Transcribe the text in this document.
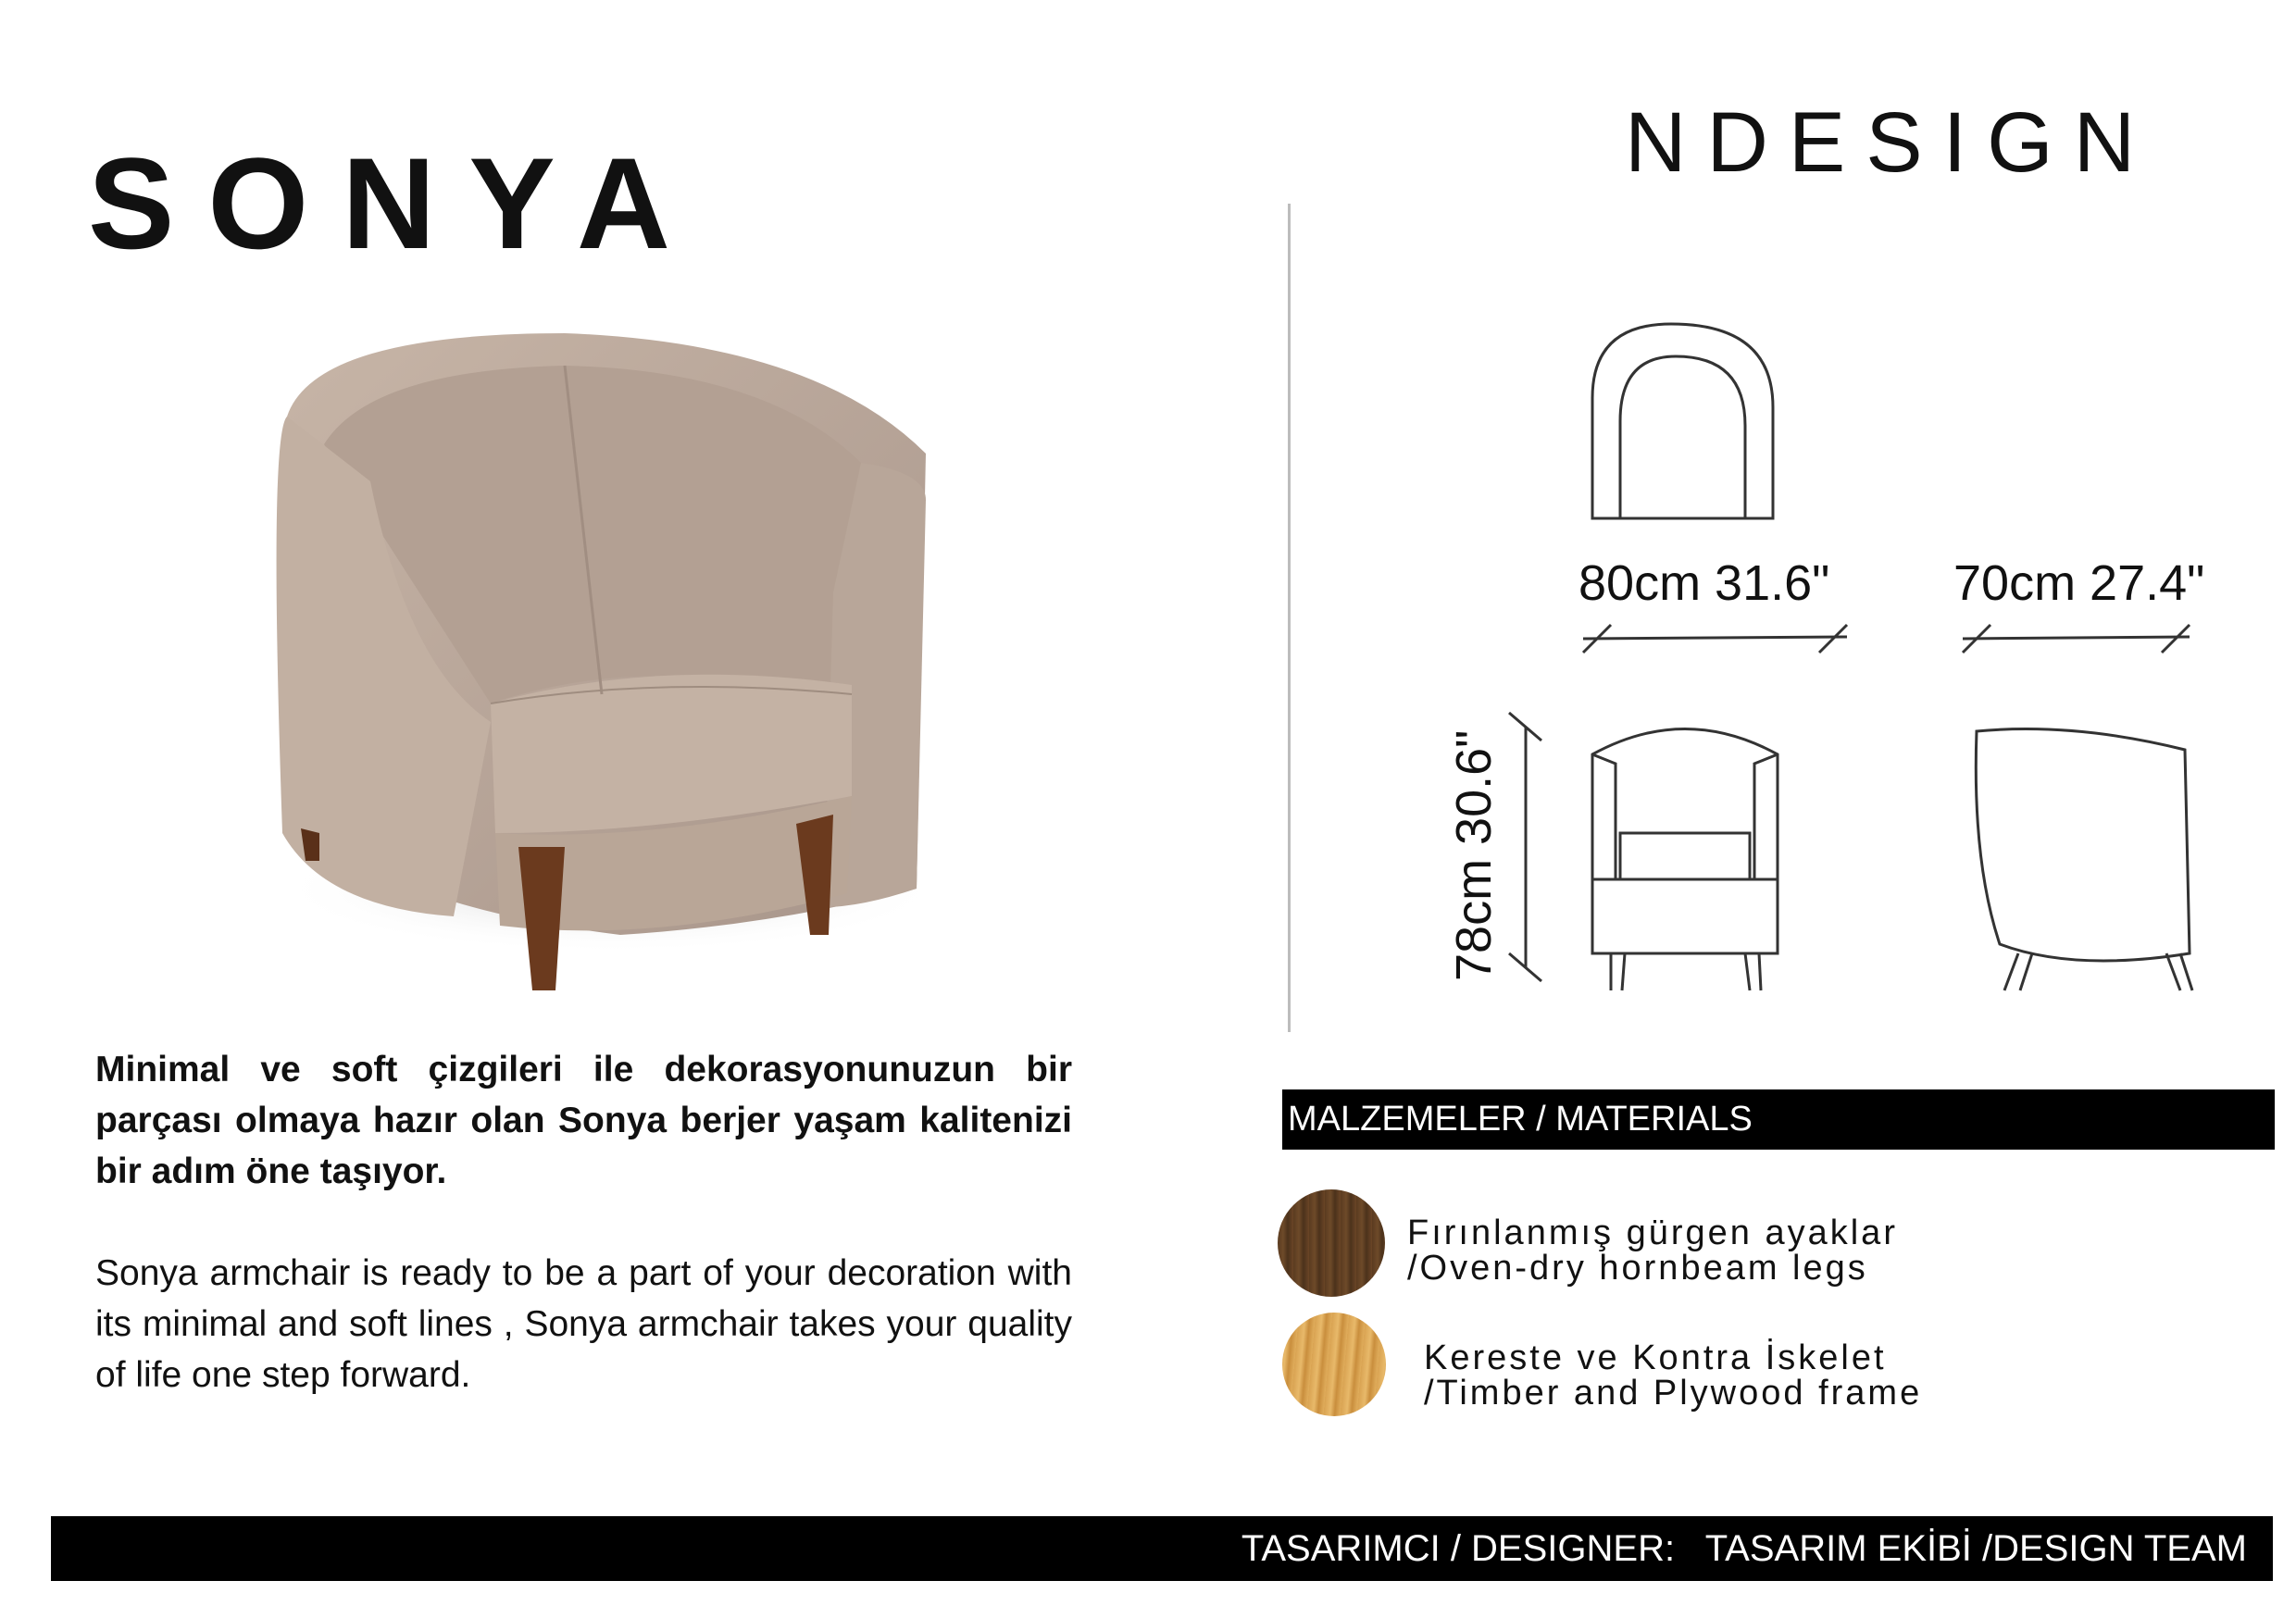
SONYA	NDESIGN
Minimal ve soft çizgileri ile dekorasyonunuzun bir parçası olmaya hazır olan Sonya berjer yaşam kalitenizi bir adım öne taşıyor.
Sonya armchair is ready to be a part of your decoration with its minimal and soft lines , Sonya armchair takes your quality of life one step forward.
80cm 31.6" 70cm 27.4"
78cm 30.6"
MALZEMELER / MATERIALS
Fırınlanmış gürgen ayaklar
/Oven-dry hornbeam legs
Kereste ve Kontra İskelet
/Timber and Plywood frame
TASARIMCI / DESIGNER:   TASARIM EKİBİ /DESIGN TEAM
